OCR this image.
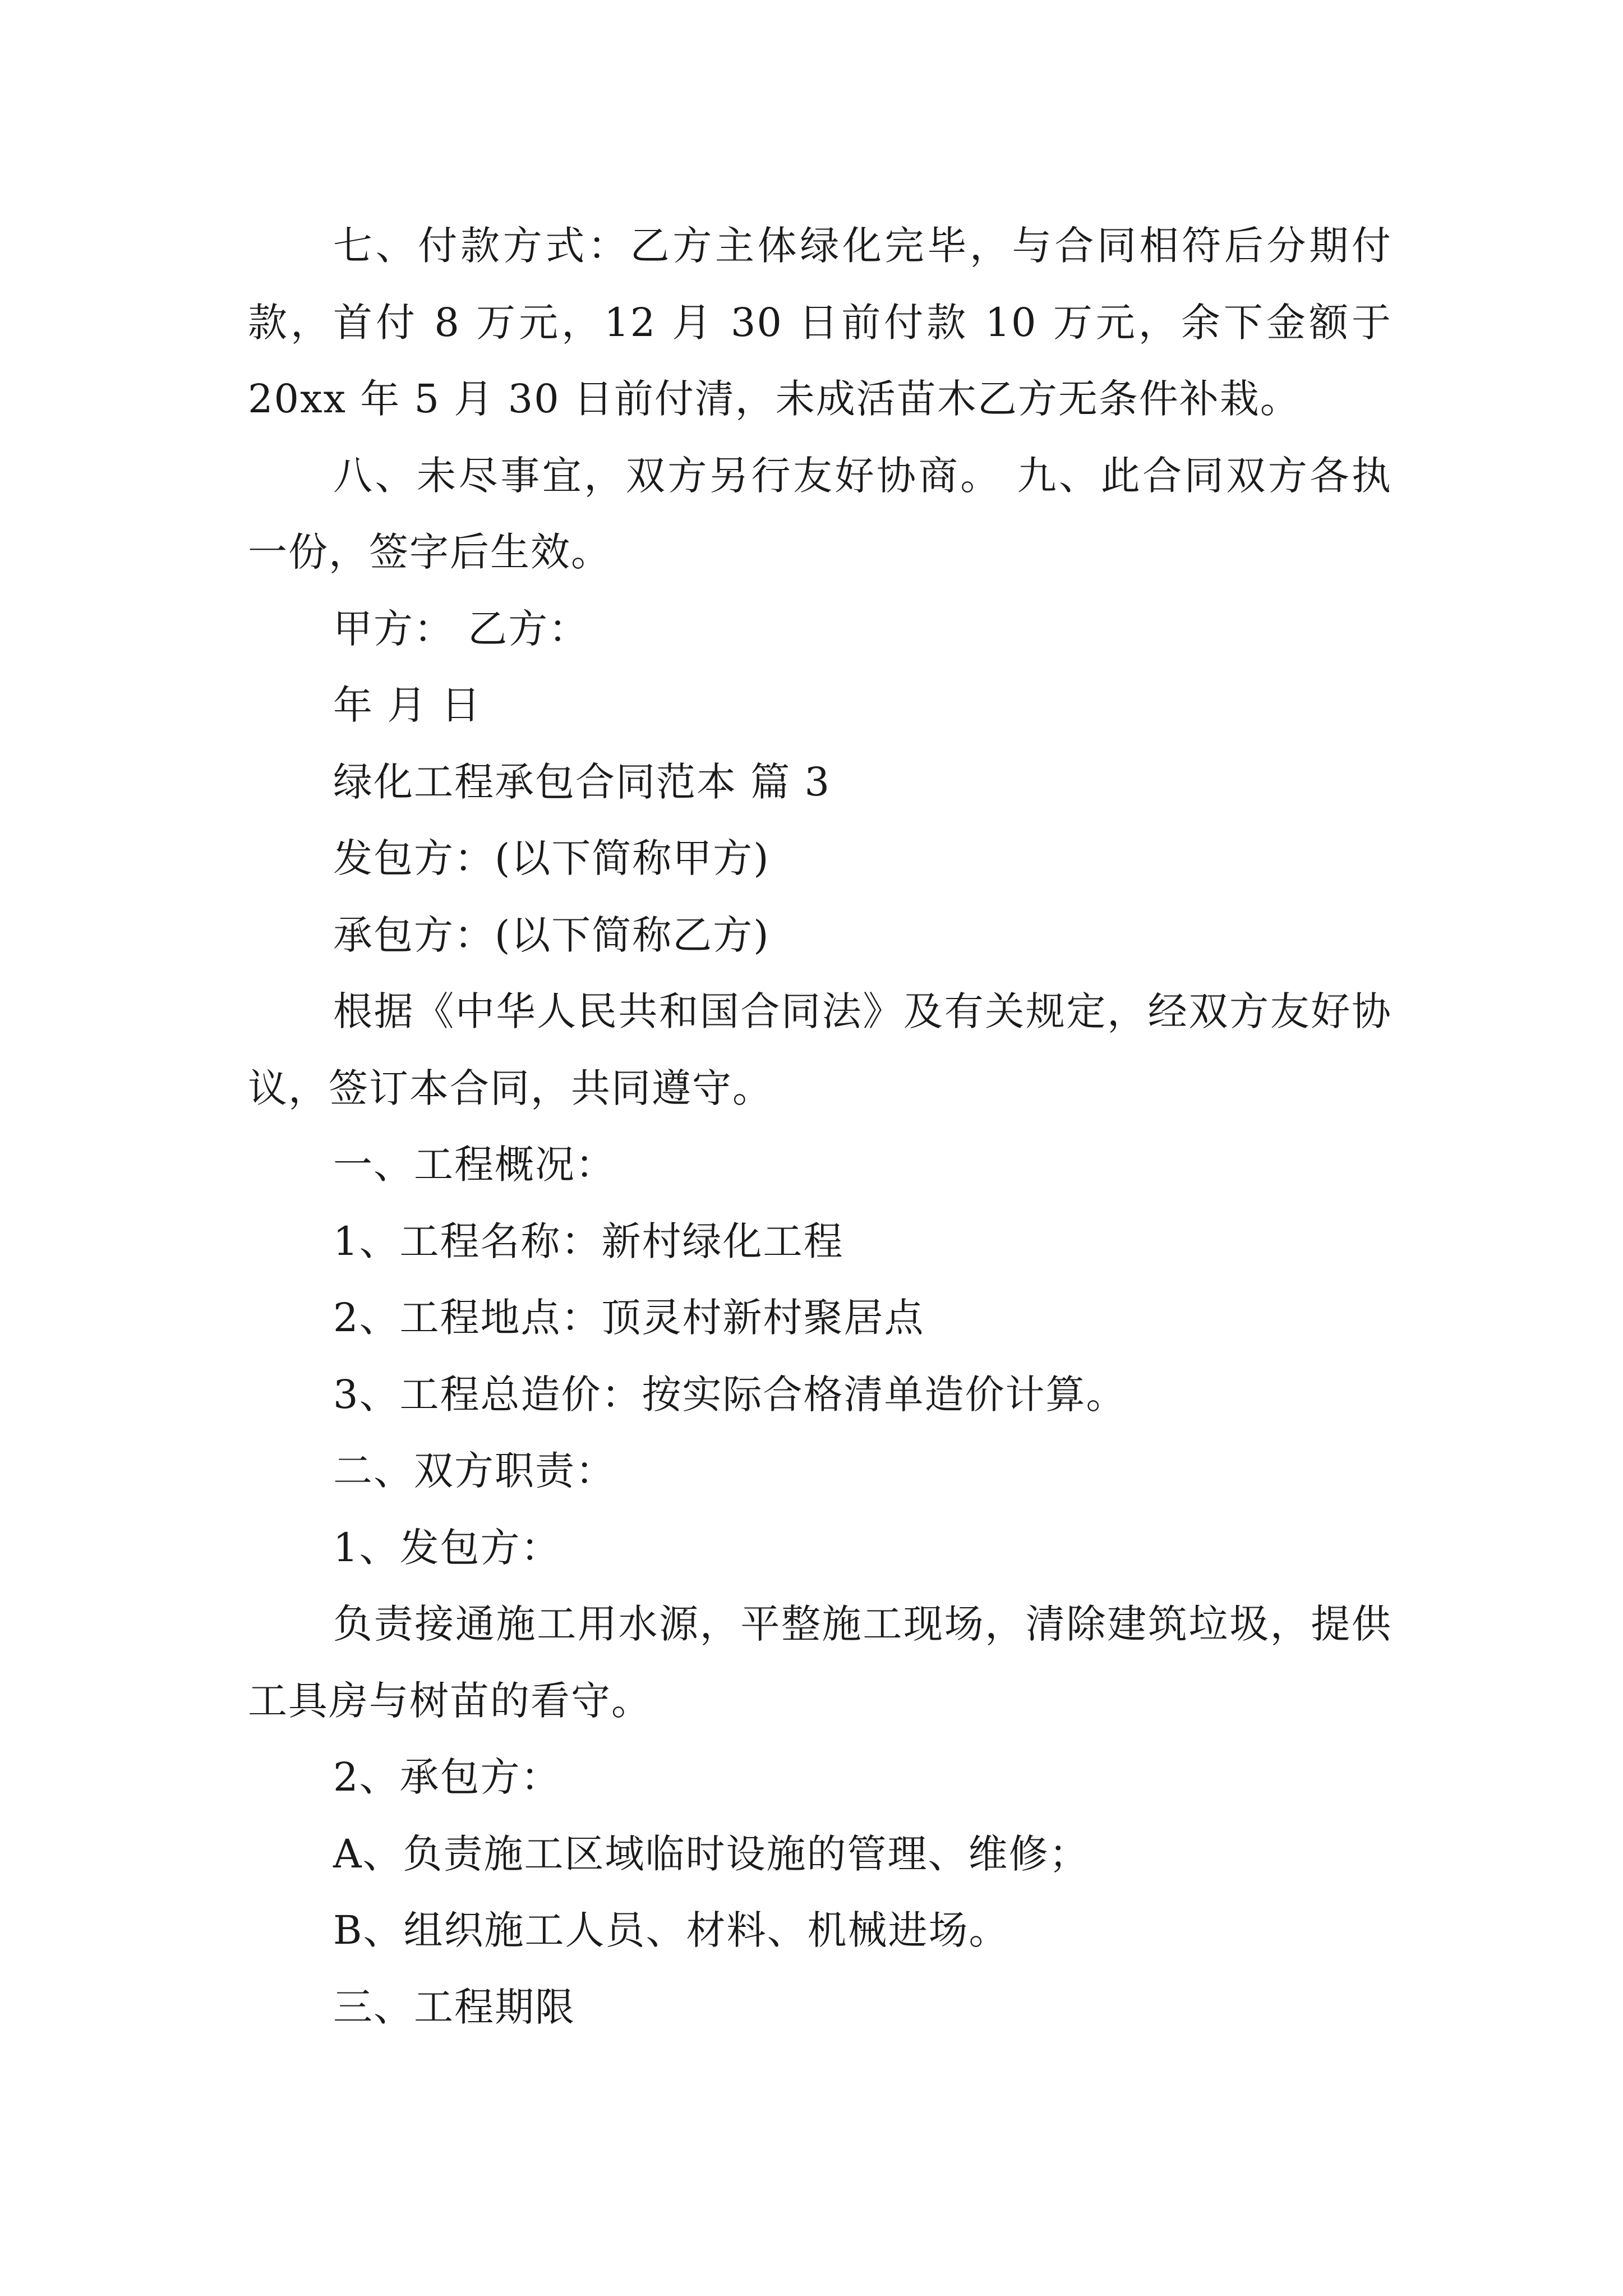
七、付款方式：乙方主体绿化完毕，与合同相符后分期付款，首付 8 万元，12 月 30 日前付款 10 万元，余下金额于 20xx 年 5 月 30 日前付清，未成活苗木乙方无条件补栽。

八、未尽事宜，双方另行友好协商。 九、此合同双方各执一份，签字后生效。

甲方： 乙方：

年 月 日

绿化工程承包合同范本 篇 3

发包方：(以下简称甲方)

承包方：(以下简称乙方)

根据《中华人民共和国合同法》及有关规定，经双方友好协议，签订本合同，共同遵守。

一、工程概况：

1、工程名称：新村绿化工程

2、工程地点：顶灵村新村聚居点

3、工程总造价：按实际合格清单造价计算。

二、双方职责：

1、发包方：

负责接通施工用水源，平整施工现场，清除建筑垃圾，提供工具房与树苗的看守。

2、承包方：

A、负责施工区域临时设施的管理、维修；

B、组织施工人员、材料、机械进场。

三、工程期限
